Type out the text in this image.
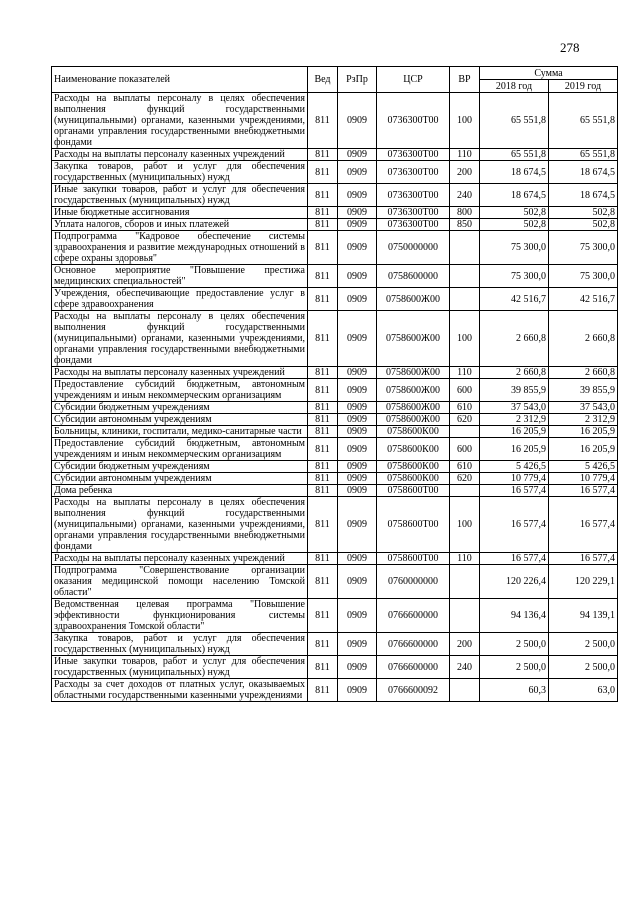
278
Наименование показателей	Вед	РзПр	ЦСР	ВР	Сумма	
					2018 год	2019 год
Расходы на выплаты персоналу в целях обеспечения выполнения функций государственными (муниципальными) органами, казенными учреждениями, органами управления государственными внебюджетными фондами	811	0909	0736300Т00	100	65 551,8	65 551,8
Расходы на выплаты персоналу казенных учреждений	811	0909	0736300Т00	110	65 551,8	65 551,8
Закупка товаров, работ и услуг для обеспечения государственных (муниципальных) нужд	811	0909	0736300Т00	200	18 674,5	18 674,5
Иные закупки товаров, работ и услуг для обеспечения государственных (муниципальных) нужд	811	0909	0736300Т00	240	18 674,5	18 674,5
Иные бюджетные ассигнования	811	0909	0736300Т00	800	502,8	502,8
Уплата налогов, сборов и иных платежей	811	0909	0736300Т00	850	502,8	502,8
Подпрограмма "Кадровое обеспечение системы здравоохранения и развитие международных отношений в сфере охраны здоровья"	811	0909	0750000000		75 300,0	75 300,0
Основное мероприятие "Повышение престижа медицинских специальностей"	811	0909	0758600000		75 300,0	75 300,0
Учреждения, обеспечивающие предоставление услуг в сфере здравоохранения	811	0909	0758600Ж00		42 516,7	42 516,7
Расходы на выплаты персоналу в целях обеспечения выполнения функций государственными (муниципальными) органами, казенными учреждениями, органами управления государственными внебюджетными фондами	811	0909	0758600Ж00	100	2 660,8	2 660,8
Расходы на выплаты персоналу казенных учреждений	811	0909	0758600Ж00	110	2 660,8	2 660,8
Предоставление субсидий бюджетным, автономным учреждениям и иным некоммерческим организациям	811	0909	0758600Ж00	600	39 855,9	39 855,9
Субсидии бюджетным учреждениям	811	0909	0758600Ж00	610	37 543,0	37 543,0
Субсидии автономным учреждениям	811	0909	0758600Ж00	620	2 312,9	2 312,9
Больницы, клиники, госпитали, медико-санитарные части	811	0909	0758600К00		16 205,9	16 205,9
Предоставление субсидий бюджетным, автономным учреждениям и иным некоммерческим организациям	811	0909	0758600К00	600	16 205,9	16 205,9
Субсидии бюджетным учреждениям	811	0909	0758600К00	610	5 426,5	5 426,5
Субсидии автономным учреждениям	811	0909	0758600К00	620	10 779,4	10 779,4
Дома ребенка	811	0909	0758600Т00		16 577,4	16 577,4
Расходы на выплаты персоналу в целях обеспечения выполнения функций государственными (муниципальными) органами, казенными учреждениями, органами управления государственными внебюджетными фондами	811	0909	0758600Т00	100	16 577,4	16 577,4
Расходы на выплаты персоналу казенных учреждений	811	0909	0758600Т00	110	16 577,4	16 577,4
Подпрограмма "Совершенствование организации оказания медицинской помощи населению Томской области"	811	0909	0760000000		120 226,4	120 229,1
Ведомственная целевая программа "Повышение эффективности функционирования системы здравоохранения Томской области"	811	0909	0766600000		94 136,4	94 139,1
Закупка товаров, работ и услуг для обеспечения государственных (муниципальных) нужд	811	0909	0766600000	200	2 500,0	2 500,0
Иные закупки товаров, работ и услуг для обеспечения государственных (муниципальных) нужд	811	0909	0766600000	240	2 500,0	2 500,0
Расходы за счет доходов от платных услуг, оказываемых областными государственными казенными учреждениями	811	0909	0766600092		60,3	63,0
